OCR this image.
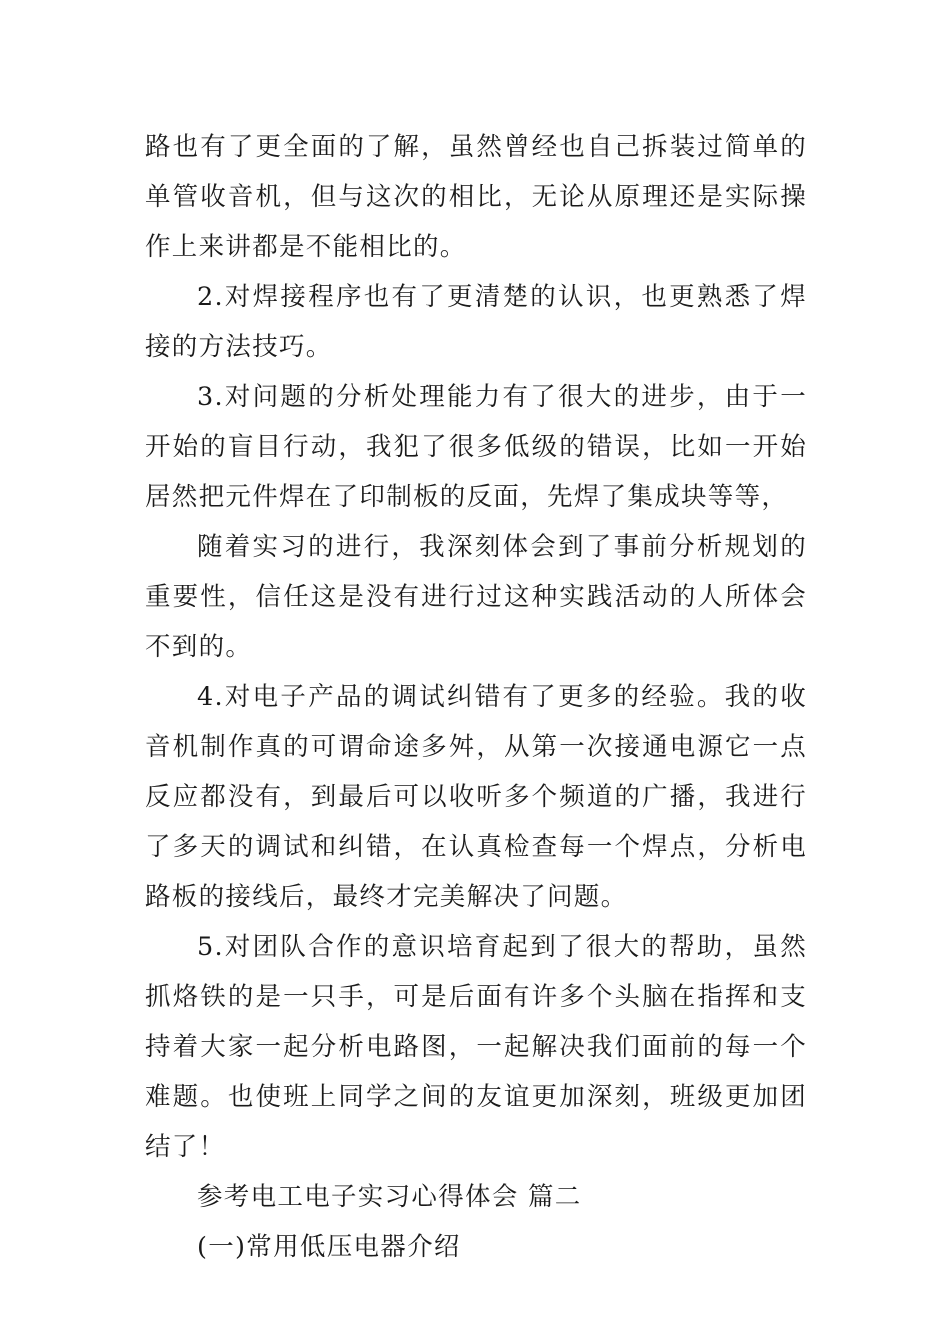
路也有了更全面的了解，虽然曾经也自己拆装过简单的单管收音机，但与这次的相比，无论从原理还是实际操作上来讲都是不能相比的。

2.对焊接程序也有了更清楚的认识，也更熟悉了焊接的方法技巧。

3.对问题的分析处理能力有了很大的进步，由于一开始的盲目行动，我犯了很多低级的错误，比如一开始居然把元件焊在了印制板的反面，先焊了集成块等等，

随着实习的进行，我深刻体会到了事前分析规划的重要性，信任这是没有进行过这种实践活动的人所体会不到的。

4.对电子产品的调试纠错有了更多的经验。我的收音机制作真的可谓命途多舛，从第一次接通电源它一点反应都没有，到最后可以收听多个频道的广播，我进行了多天的调试和纠错，在认真检查每一个焊点，分析电路板的接线后，最终才完美解决了问题。

5.对团队合作的意识培育起到了很大的帮助，虽然抓烙铁的是一只手，可是后面有许多个头脑在指挥和支持着大家一起分析电路图，一起解决我们面前的每一个难题。也使班上同学之间的友谊更加深刻，班级更加团结了！

参考电工电子实习心得体会 篇二

(一)常用低压电器介绍
